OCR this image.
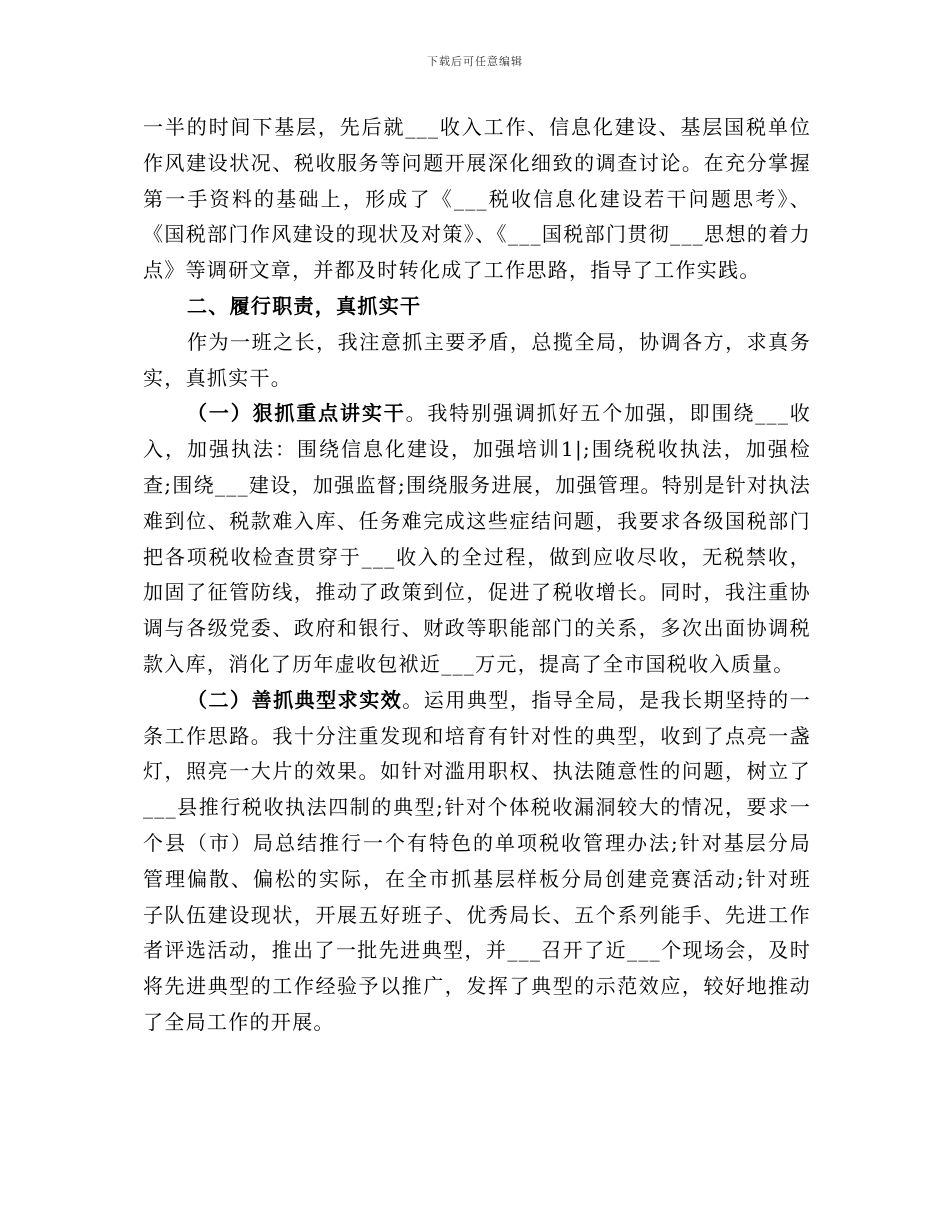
下载后可任意编辑

一半的时间下基层，先后就___收入工作、信息化建设、基层国税单位作风建设状况、税收服务等问题开展深化细致的调查讨论。在充分掌握第一手资料的基础上，形成了《___税收信息化建设若干问题思考》、《国税部门作风建设的现状及对策》、《___国税部门贯彻___思想的着力点》等调研文章，并都及时转化成了工作思路，指导了工作实践。

二、履行职责，真抓实干

作为一班之长，我注意抓主要矛盾，总揽全局，协调各方，求真务实，真抓实干。

（一）狠抓重点讲实干。我特别强调抓好五个加强，即围绕___收入，加强执法：围绕信息化建设，加强培训1|;围绕税收执法，加强检查;围绕___建设，加强监督;围绕服务进展，加强管理。特别是针对执法难到位、税款难入库、任务难完成这些症结问题，我要求各级国税部门把各项税收检查贯穿于___收入的全过程，做到应收尽收，无税禁收，加固了征管防线，推动了政策到位，促进了税收增长。同时，我注重协调与各级党委、政府和银行、财政等职能部门的关系，多次出面协调税款入库，消化了历年虚收包袱近___万元，提高了全市国税收入质量。

（二）善抓典型求实效。运用典型，指导全局，是我长期坚持的一条工作思路。我十分注重发现和培育有针对性的典型，收到了点亮一盏灯，照亮一大片的效果。如针对滥用职权、执法随意性的问题，树立了___县推行税收执法四制的典型;针对个体税收漏洞较大的情况，要求一个县（市）局总结推行一个有特色的单项税收管理办法;针对基层分局管理偏散、偏松的实际，在全市抓基层样板分局创建竞赛活动;针对班子队伍建设现状，开展五好班子、优秀局长、五个系列能手、先进工作者评选活动，推出了一批先进典型，并___召开了近___个现场会，及时将先进典型的工作经验予以推广，发挥了典型的示范效应，较好地推动了全局工作的开展。
